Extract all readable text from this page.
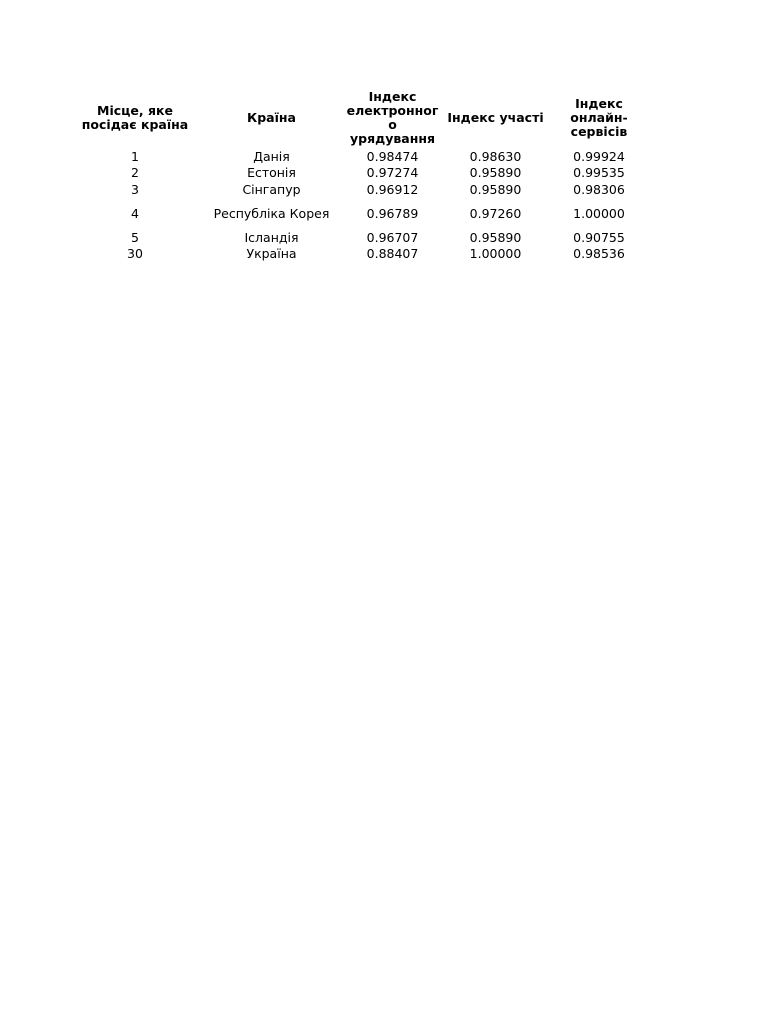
Місце, яке
посідає країна	Країна	Індекс
електронног
о
урядування	Індекс участі	Індекс
онлайн-
сервісів

1	Данія	0.98474	0.98630	0.99924
2	Естонія	0.97274	0.95890	0.99535
3	Сінгапур	0.96912	0.95890	0.98306
4	Республіка Корея	0.96789	0.97260	1.00000
5	Ісландія	0.96707	0.95890	0.90755
30	Україна	0.88407	1.00000	0.98536
